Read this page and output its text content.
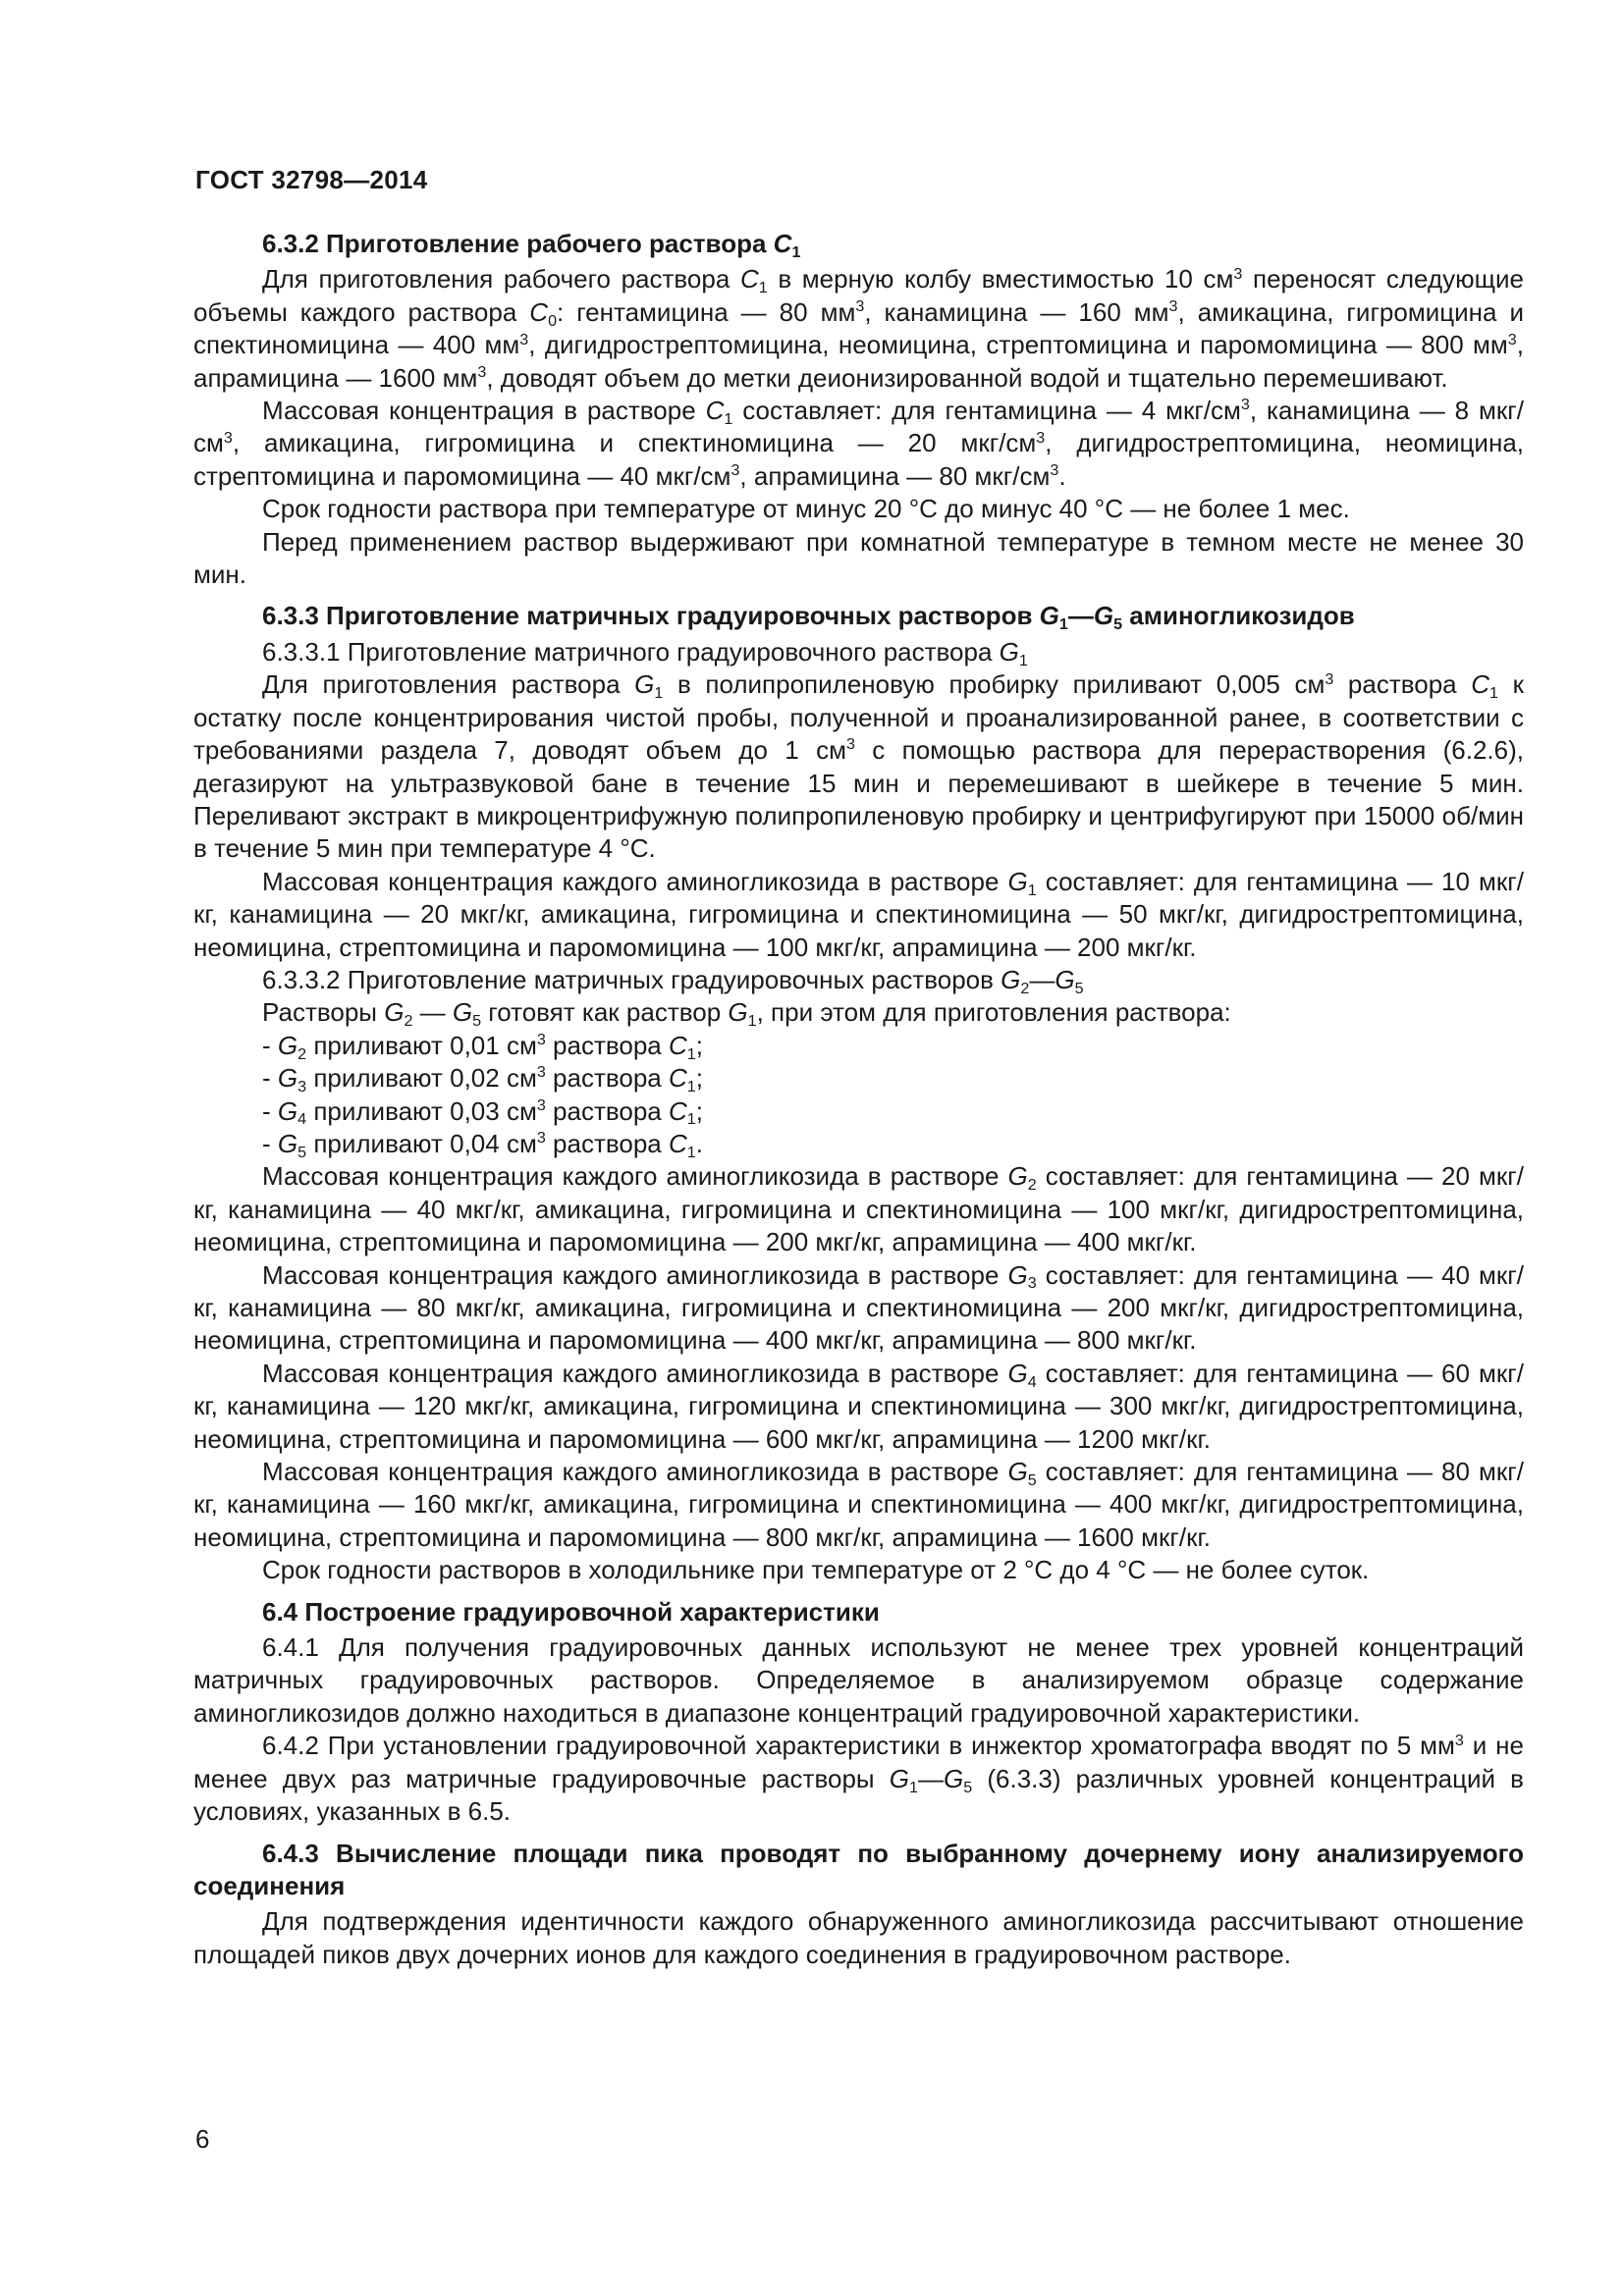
ГОСТ 32798—2014

6.3.2 Приготовление рабочего раствора $С_1$

Для приготовления рабочего раствора $С_1$ в мерную колбу вместимостью 10 $см^3$ переносят следующие объемы каждого раствора $С_0$: гентамицина — 80 $мм^3$, канамицина — 160 $мм^3$, амикацина, гигромицина и спектиномицина — 400 $мм^3$, дигидрострептомицина, неомицина, стрептомицина и паромомицина — 800 $мм^3$, апрамицина — 1600 $мм^3$, доводят объем до метки деионизированной водой и тщательно перемешивают.

Массовая концентрация в растворе $С_1$ составляет: для гентамицина — 4 мкг/$см^3$, канамицина — 8 мкг/$см^3$, амикацина, гигромицина и спектиномицина — 20 мкг/$см^3$, дигидрострептомицина, неомицина, стрептомицина и паромомицина — 40 мкг/$см^3$, апрамицина — 80 мкг/$см^3$.

Срок годности раствора при температуре от минус 20 °С до минус 40 °С — не более 1 мес.

Перед применением раствор выдерживают при комнатной температуре в темном месте не менее 30 мин.

6.3.3 Приготовление матричных градуировочных растворов $G_1—G_5$ аминогликозидов

6.3.3.1 Приготовление матричного градуировочного раствора $G_1$

Для приготовления раствора $G_1$ в полипропиленовую пробирку приливают 0,005 $см^3$ раствора $С_1$ к остатку после концентрирования чистой пробы, полученной и проанализированной ранее, в соответствии с требованиями раздела 7, доводят объем до 1 $см^3$ с помощью раствора для перерастворения (6.2.6), дегазируют на ультразвуковой бане в течение 15 мин и перемешивают в шейкере в течение 5 мин. Переливают экстракт в микроцентрифужную полипропиленовую пробирку и центрифугируют при 15000 об/мин в течение 5 мин при температуре 4 °С.

Массовая концентрация каждого аминогликозида в растворе $G_1$ составляет: для гентамицина — 10 мкг/кг, канамицина — 20 мкг/кг, амикацина, гигромицина и спектиномицина — 50 мкг/кг, дигидрострептомицина, неомицина, стрептомицина и паромомицина — 100 мкг/кг, апрамицина — 200 мкг/кг.

6.3.3.2 Приготовление матричных градуировочных растворов $G_2—G_5$

Растворы $G_2$ — $G_5$ готовят как раствор $G_1$, при этом для приготовления раствора:

- $G_2$ приливают 0,01 $см^3$ раствора $С_1$;

- $G_3$ приливают 0,02 $см^3$ раствора $С_1$;

- $G_4$ приливают 0,03 $см^3$ раствора $С_1$;

- $G_5$ приливают 0,04 $см^3$ раствора $С_1$.

Массовая концентрация каждого аминогликозида в растворе $G_2$ составляет: для гентамицина — 20 мкг/кг, канамицина — 40 мкг/кг, амикацина, гигромицина и спектиномицина — 100 мкг/кг, дигидрострептомицина, неомицина, стрептомицина и паромомицина — 200 мкг/кг, апрамицина — 400 мкг/кг.

Массовая концентрация каждого аминогликозида в растворе $G_3$ составляет: для гентамицина — 40 мкг/кг, канамицина — 80 мкг/кг, амикацина, гигромицина и спектиномицина — 200 мкг/кг, дигидрострептомицина, неомицина, стрептомицина и паромомицина — 400 мкг/кг, апрамицина — 800 мкг/кг.

Массовая концентрация каждого аминогликозида в растворе $G_4$ составляет: для гентамицина — 60 мкг/кг, канамицина — 120 мкг/кг, амикацина, гигромицина и спектиномицина — 300 мкг/кг, дигидрострептомицина, неомицина, стрептомицина и паромомицина — 600 мкг/кг, апрамицина — 1200 мкг/кг.

Массовая концентрация каждого аминогликозида в растворе $G_5$ составляет: для гентамицина — 80 мкг/кг, канамицина — 160 мкг/кг, амикацина, гигромицина и спектиномицина — 400 мкг/кг, дигидрострептомицина, неомицина, стрептомицина и паромомицина — 800 мкг/кг, апрамицина — 1600 мкг/кг.

Срок годности растворов в холодильнике при температуре от 2 °С до 4 °С — не более суток.

6.4 Построение градуировочной характеристики

6.4.1 Для получения градуировочных данных используют не менее трех уровней концентраций матричных градуировочных растворов. Определяемое в анализируемом образце содержание аминогликозидов должно находиться в диапазоне концентраций градуировочной характеристики.

6.4.2 При установлении градуировочной характеристики в инжектор хроматографа вводят по 5 $мм^3$ и не менее двух раз матричные градуировочные растворы $G_1—G_5$ (6.3.3) различных уровней концентраций в условиях, указанных в 6.5.

6.4.3 Вычисление площади пика проводят по выбранному дочернему иону анализируемого соединения

Для подтверждения идентичности каждого обнаруженного аминогликозида рассчитывают отношение площадей пиков двух дочерних ионов для каждого соединения в градуировочном растворе.

6
